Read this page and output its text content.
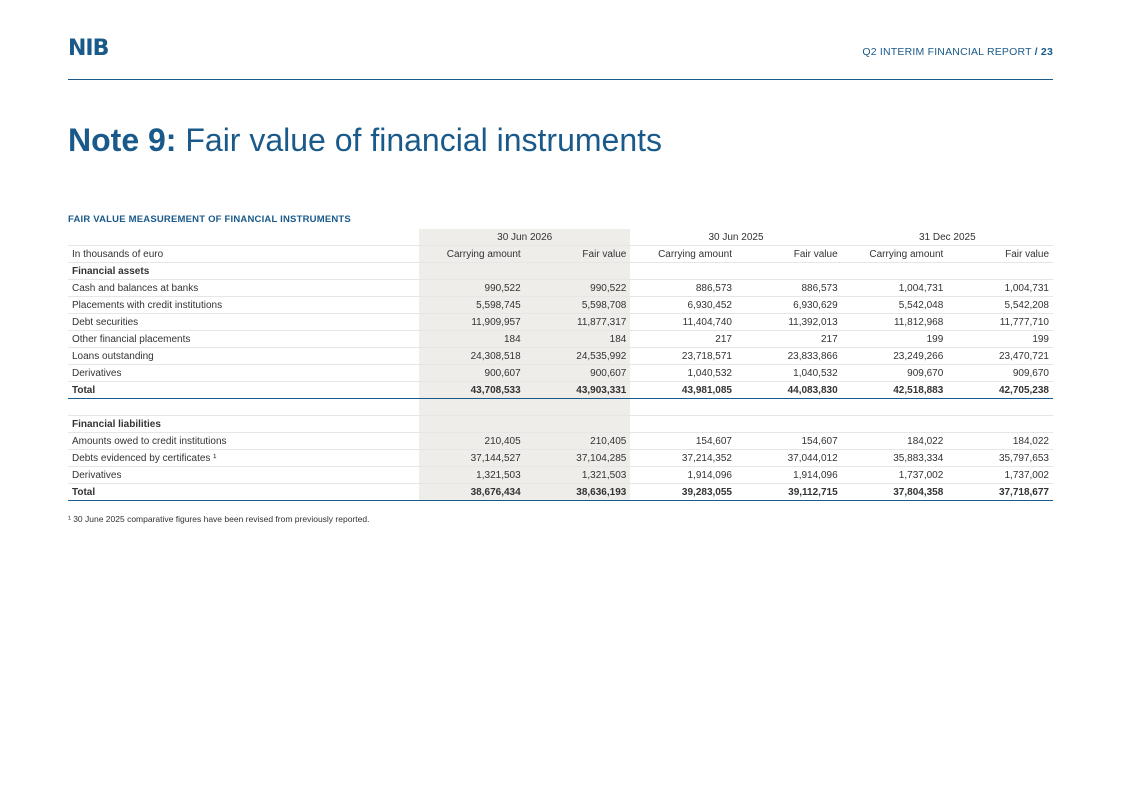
NIB	Q2 INTERIM FINANCIAL REPORT / 23
Note 9: Fair value of financial instruments
FAIR VALUE MEASUREMENT OF FINANCIAL INSTRUMENTS
	30 Jun 2026		30 Jun 2025		31 Dec 2025	
In thousands of euro	Carrying amount	Fair value	Carrying amount	Fair value	Carrying amount	Fair value
Financial assets						
Cash and balances at banks	990,522	990,522	886,573	886,573	1,004,731	1,004,731
Placements with credit institutions	5,598,745	5,598,708	6,930,452	6,930,629	5,542,048	5,542,208
Debt securities	11,909,957	11,877,317	11,404,740	11,392,013	11,812,968	11,777,710
Other financial placements	184	184	217	217	199	199
Loans outstanding	24,308,518	24,535,992	23,718,571	23,833,866	23,249,266	23,470,721
Derivatives	900,607	900,607	1,040,532	1,040,532	909,670	909,670
Total	43,708,533	43,903,331	43,981,085	44,083,830	42,518,883	42,705,238

Financial liabilities						
Amounts owed to credit institutions	210,405	210,405	154,607	154,607	184,022	184,022
Debts evidenced by certificates ¹	37,144,527	37,104,285	37,214,352	37,044,012	35,883,334	35,797,653
Derivatives	1,321,503	1,321,503	1,914,096	1,914,096	1,737,002	1,737,002
Total	38,676,434	38,636,193	39,283,055	39,112,715	37,804,358	37,718,677
¹ 30 June 2025 comparative figures have been revised from previously reported.
